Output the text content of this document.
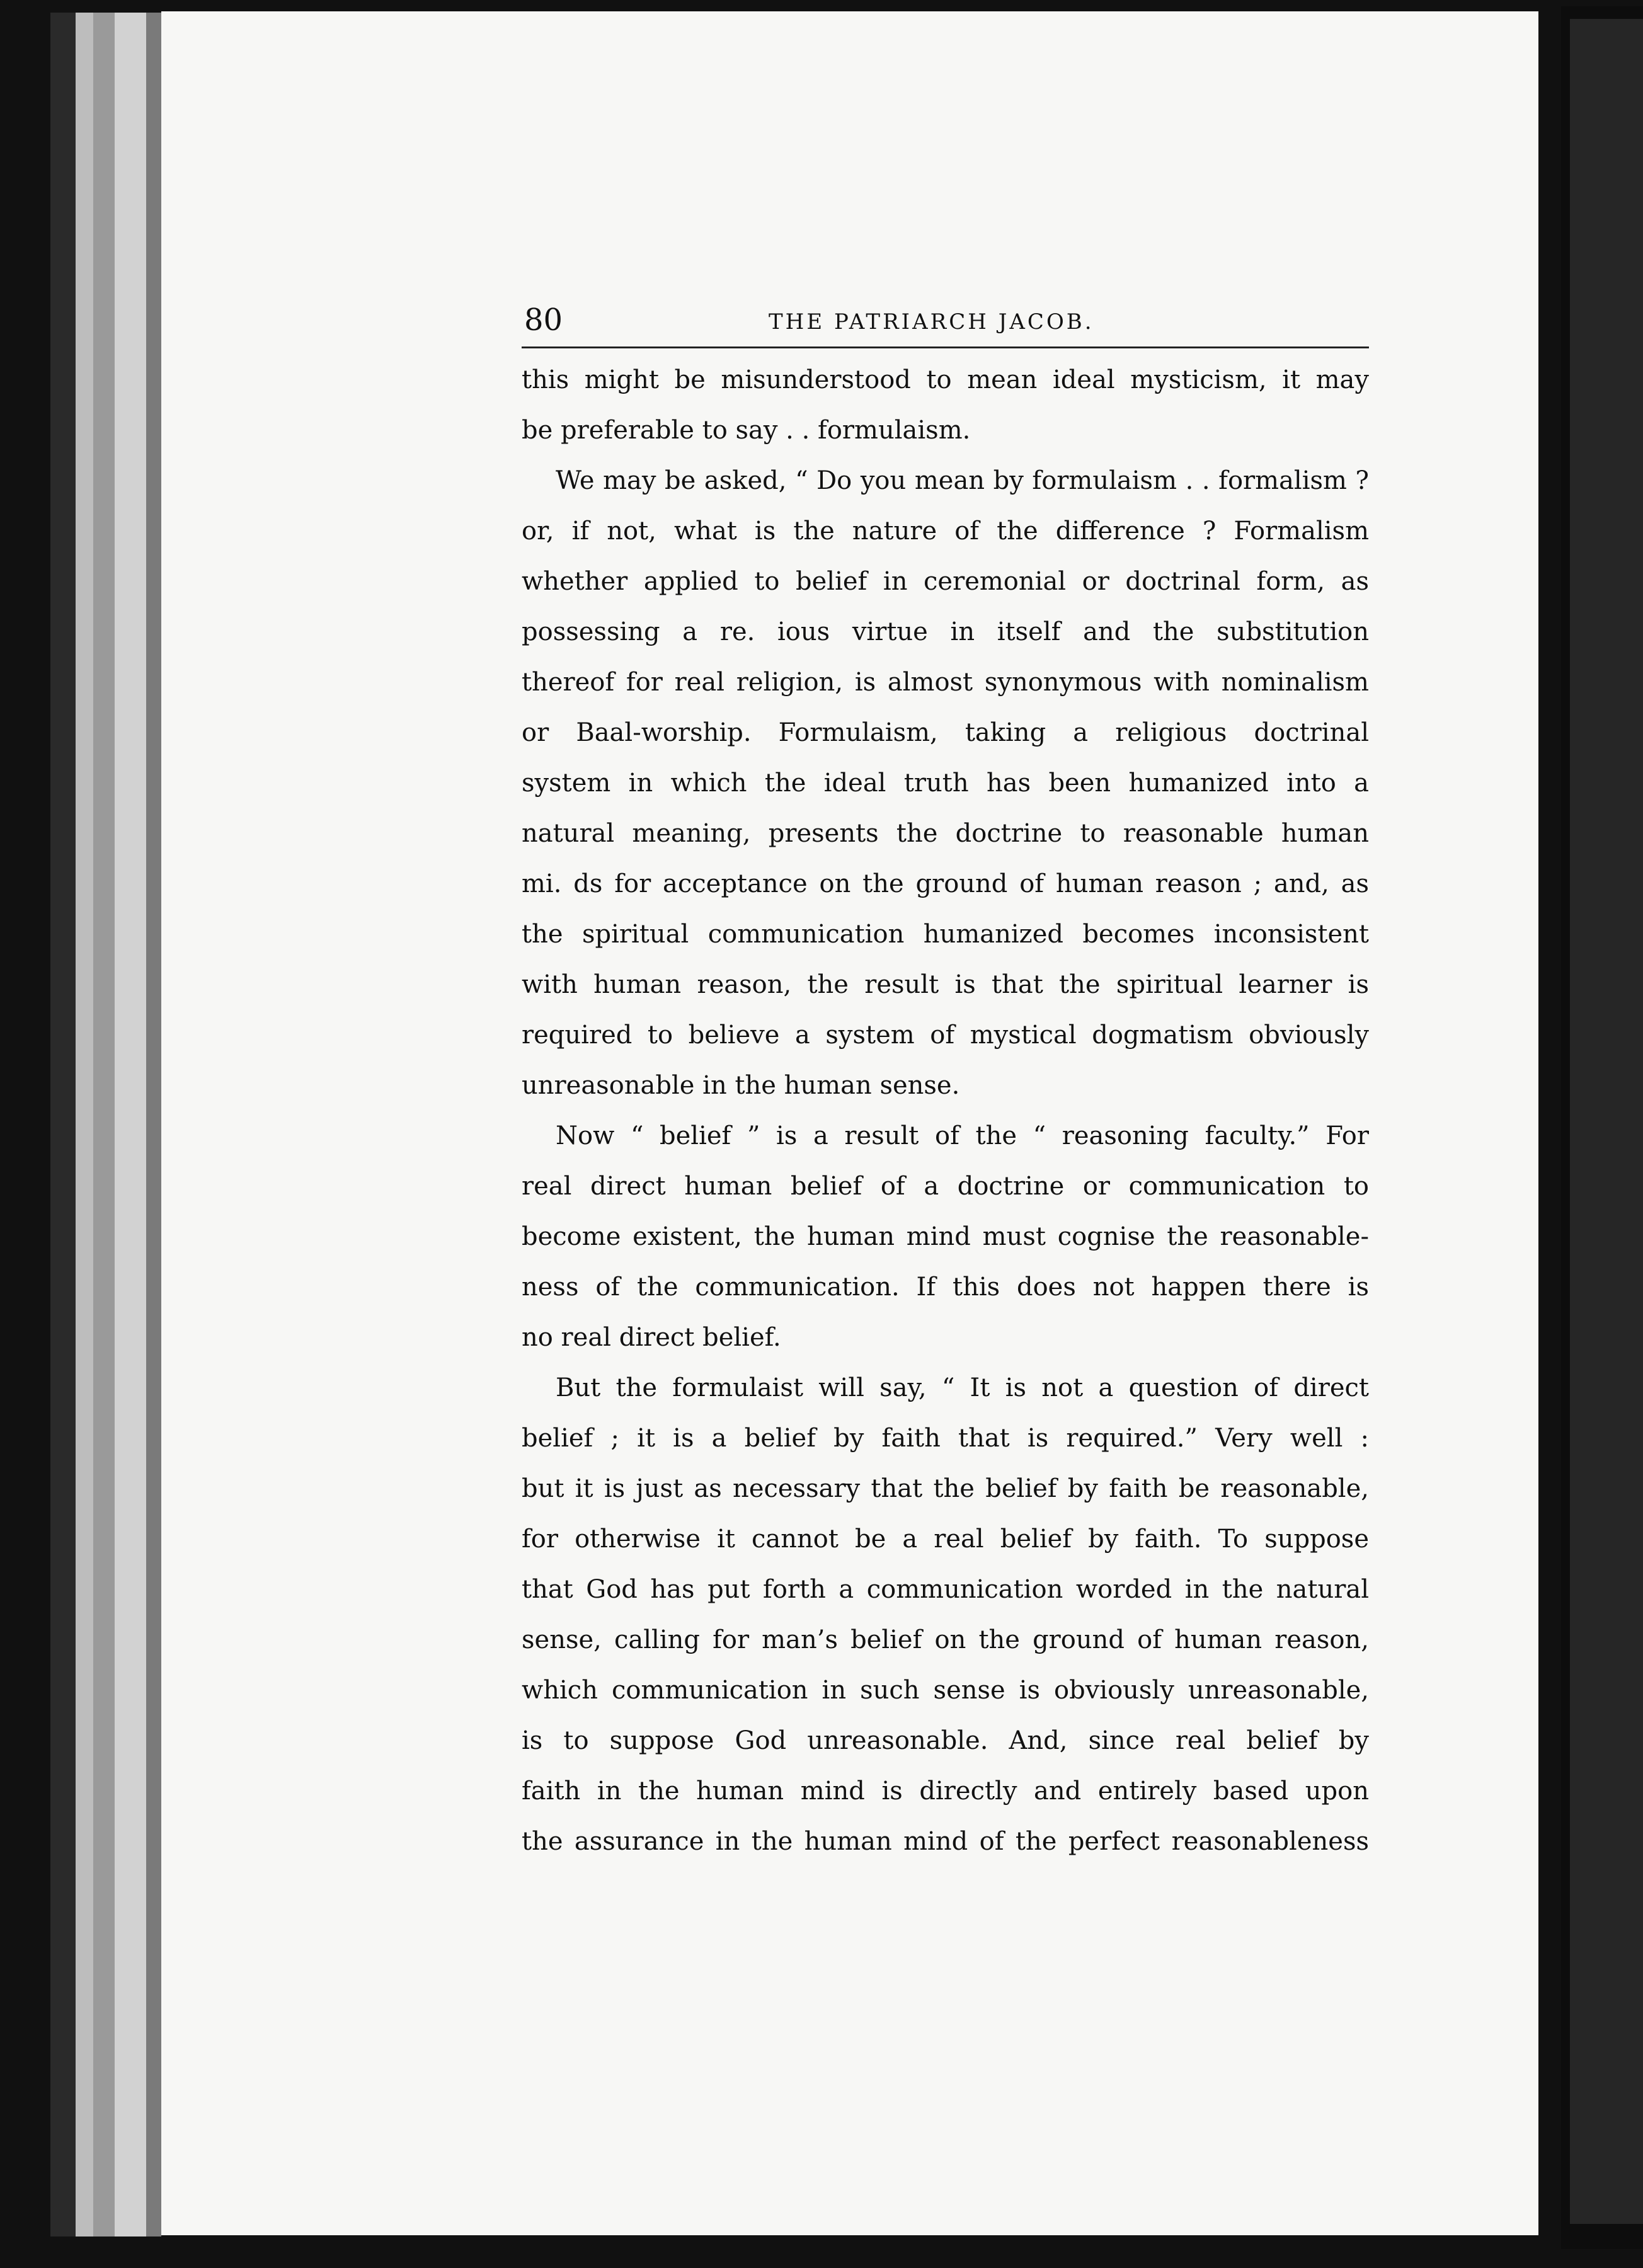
80	THE PATRIARCH JACOB.
this might be misunderstood to mean ideal mysticism, it may
be preferable to say . . formulaism.
We may be asked, “ Do you mean by formulaism . . formalism ?
or, if not, what is the nature of the difference ? Formalism
whether applied to belief in ceremonial or doctrinal form, as
possessing a re. ious virtue in itself and the substitution
thereof for real religion, is almost synonymous with nominalism
or Baal-worship. Formulaism, taking a religious doctrinal
system in which the ideal truth has been humanized into a
natural meaning, presents the doctrine to reasonable human
mi. ds for acceptance on the ground of human reason ; and, as
the spiritual communication humanized becomes inconsistent
with human reason, the result is that the spiritual learner is
required to believe a system of mystical dogmatism obviously
unreasonable in the human sense.
Now “ belief ” is a result of the “ reasoning faculty.” For
real direct human belief of a doctrine or communication to
become existent, the human mind must cognise the reasonable-
ness of the communication. If this does not happen there is
no real direct belief.
But the formulaist will say, “ It is not a question of direct
belief ; it is a belief by faith that is required.” Very well :
but it is just as necessary that the belief by faith be reasonable,
for otherwise it cannot be a real belief by faith. To suppose
that God has put forth a communication worded in the natural
sense, calling for man’s belief on the ground of human reason,
which communication in such sense is obviously unreasonable,
is to suppose God unreasonable. And, since real belief by
faith in the human mind is directly and entirely based upon
the assurance in the human mind of the perfect reasonableness
